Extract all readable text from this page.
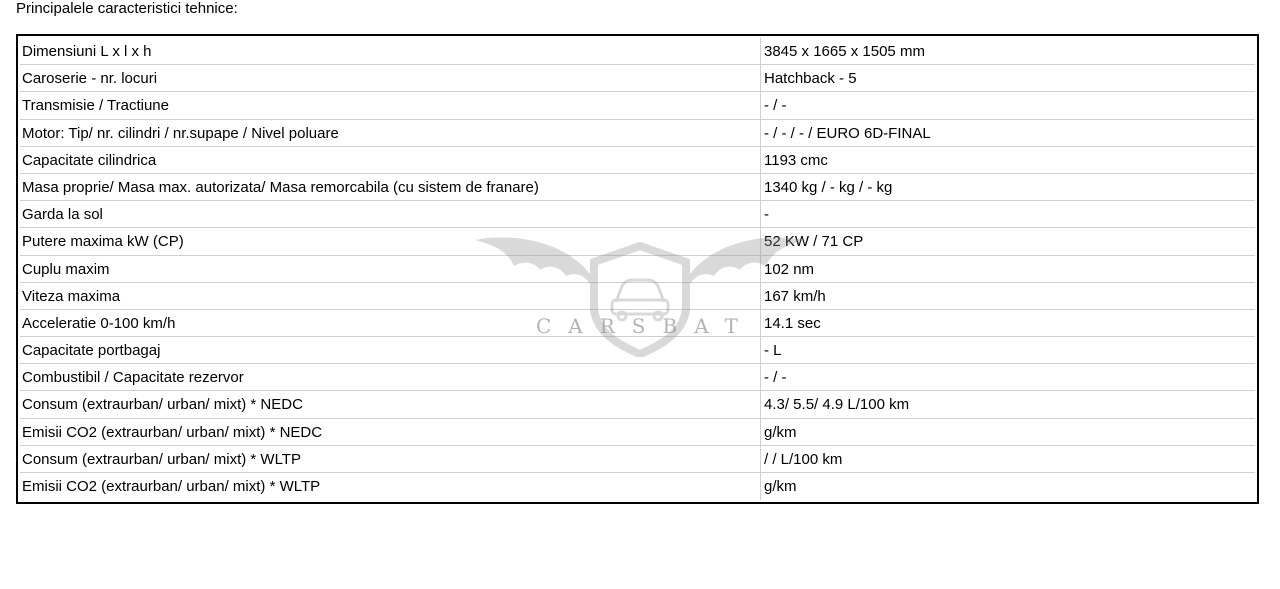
Principalele caracteristici tehnice:
Dimensiuni L x l x h	3845 x 1665 x 1505 mm
Caroserie - nr. locuri	Hatchback - 5
Transmisie / Tractiune	- / -
Motor: Tip/ nr. cilindri / nr.supape / Nivel poluare	- / - / - / EURO 6D-FINAL
Capacitate cilindrica	1193 cmc
Masa proprie/ Masa max. autorizata/ Masa remorcabila (cu sistem de franare)	1340 kg / - kg / - kg
Garda la sol	-
Putere maxima kW (CP)	52 KW / 71 CP
Cuplu maxim	102 nm
Viteza maxima	167 km/h
Acceleratie 0-100 km/h	14.1 sec
Capacitate portbagaj	- L
Combustibil / Capacitate rezervor	- / -
Consum (extraurban/ urban/ mixt) * NEDC	4.3/ 5.5/ 4.9 L/100 km
Emisii CO2 (extraurban/ urban/ mixt) * NEDC	g/km
Consum (extraurban/ urban/ mixt) * WLTP	/ / L/100 km
Emisii CO2 (extraurban/ urban/ mixt) * WLTP	g/km
CARSBAT
